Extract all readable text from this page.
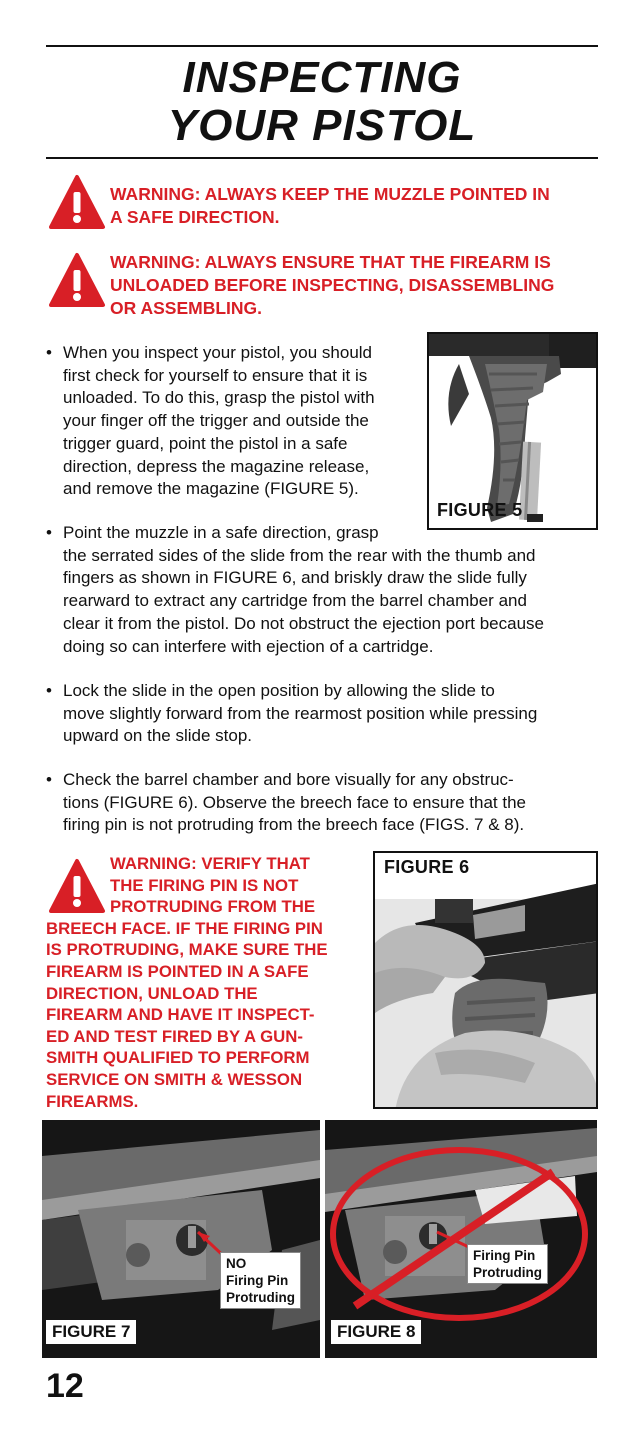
INSPECTING
YOUR PISTOL
WARNING: ALWAYS KEEP THE MUZZLE POINTED IN
A SAFE DIRECTION.
WARNING: ALWAYS ENSURE THAT THE FIREARM IS
UNLOADED BEFORE INSPECTING, DISASSEMBLING
OR ASSEMBLING.
• When you inspect your pistol, you should

first check for yourself to ensure that it is

unloaded. To do this, grasp the pistol with

your finger off the trigger and outside the

trigger guard, point the pistol in a safe

direction, depress the magazine release,

and remove the magazine (FIGURE 5).

FIGURE 5
• Point the muzzle in a safe direction, grasp

the serrated sides of the slide from the rear with the thumb and

fingers as shown in FIGURE 6, and briskly draw the slide fully

rearward to extract any cartridge from the barrel chamber and

clear it from the pistol. Do not obstruct the ejection port because

doing so can interfere with ejection of a cartridge.

• Lock the slide in the open position by allowing the slide to

move slightly forward from the rearmost position while pressing

upward on the slide stop.

• Check the barrel chamber and bore visually for any obstruc-

tions (FIGURE 6). Observe the breech face to ensure that the

firing pin is not protruding from the breech face (FIGS. 7 & 8).

WARNING: VERIFY THAT
THE FIRING PIN IS NOT
PROTRUDING FROM THE
BREECH FACE. IF THE FIRING PIN
IS PROTRUDING, MAKE SURE THE
FIREARM IS POINTED IN A SAFE
DIRECTION, UNLOAD THE
FIREARM AND HAVE IT INSPECT-
ED AND TEST FIRED BY A GUN-
SMITH QUALIFIED TO PERFORM
SERVICE ON SMITH & WESSON
FIREARMS.
FIGURE 6
NO
Firing Pin
Protruding
FIGURE 7
Firing Pin
Protruding
FIGURE 8
12
